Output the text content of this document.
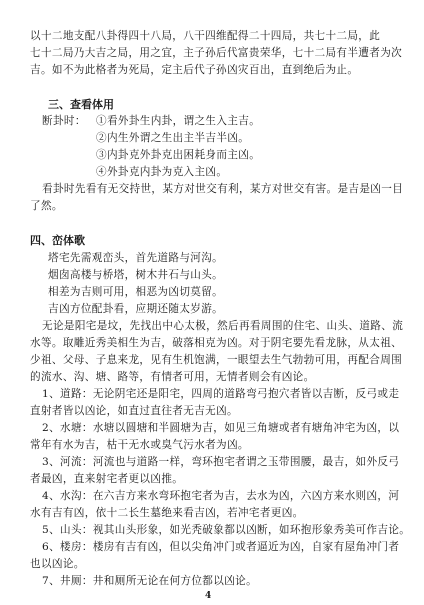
以十二地支配八卦得四十八局，八干四维配得二十四局，共七十二局，此
七十二局乃大吉之局，用之宜，主子孙后代富贵荣华，七十二局有半遭者为次
吉。如不为此格者为死局，定主后代子孙凶灾百出，直到绝后为止。
三、查看体用
断卦时： ①看外卦生内卦，谓之生入主吉。
②内生外谓之生出主半吉半凶。
③内卦克外卦克出困耗身而主凶。
④外卦克内卦为克入主凶。
看卦时先看有无交持世，某方对世交有利，某方对世交有害。是吉是凶一目
了然。
四、峦体歌
塔宅先需观峦头，首先道路与河沟。
烟囱高楼与桥塔，树木井石与山头。
相差为吉则可用，相恶为凶切莫留。
吉凶方位配卦看，应期还随太岁游。
无论是阳宅是坟，先找出中心太极，然后再看周围的住宅、山头、道路、流
水等。取雕近秀美相生为吉，破落相克为凶。对于阴宅要先看龙脉，从太祖、
少祖、父母、子息来龙，见有生机饱满，一眼望去生气勃勃可用，再配合周围
的流水、沟、塘、路等，有情者可用，无情者则会有凶论。
1、道路：无论阴宅还是阳宅，四周的道路弯弓抱穴者皆以吉断，反弓或走
直射者皆以凶论，如直过直往者无吉无凶。
2、水塘：水塘以圆塘和半圆塘为吉，如见三角塘或者有塘角冲宅为凶，以
常年有水为吉，枯干无水或臭气污水者为凶。
3、河流：河流也与道路一样，弯环抱宅者谓之玉带围腰，最吉，如外反弓
者最凶，直来射宅者更以凶推。
4、水沟：在六吉方来水弯环抱宅者为吉，去水为凶，六凶方来水则凶，河
水有吉有凶，依十二长生墓绝来看吉凶，若冲宅者更凶。
5、山头：视其山头形象，如光秃破象都以凶断，如环抱形象秀美可作吉论。
6、楼房：楼房有吉有凶，但以尖角冲门或者逼近为凶，自家有屋角冲门者
也以凶论。
7、井厕：井和厕所无论在何方位都以凶论。
4
